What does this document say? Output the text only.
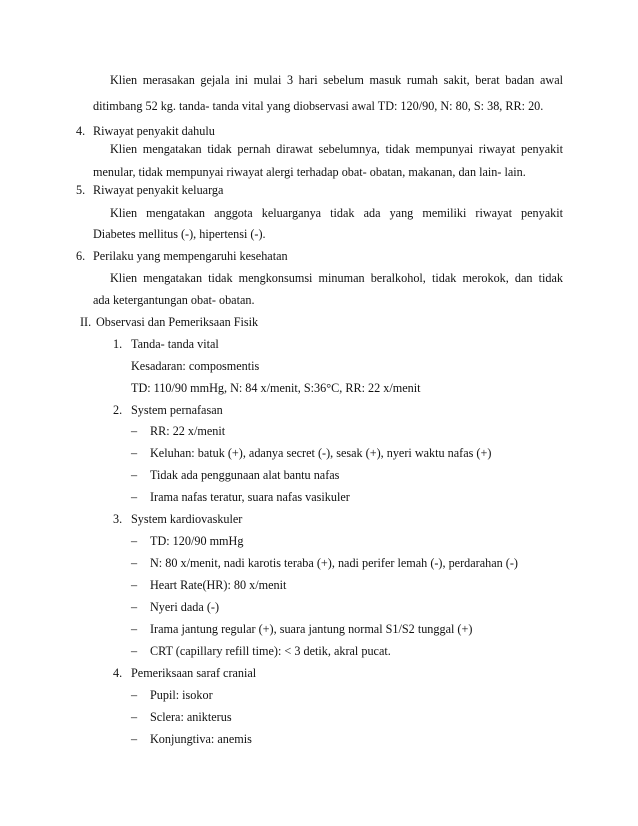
Klien merasakan gejala ini mulai 3 hari sebelum masuk rumah sakit, berat badan awal
ditimbang 52 kg. tanda- tanda vital yang diobservasi awal TD: 120/90, N: 80, S: 38, RR: 20.
4. Riwayat penyakit dahulu
Klien mengatakan tidak pernah dirawat sebelumnya, tidak mempunyai riwayat penyakit
menular, tidak mempunyai riwayat alergi terhadap obat- obatan, makanan, dan lain- lain.
5. Riwayat penyakit keluarga
Klien mengatakan anggota keluarganya tidak ada yang memiliki riwayat penyakit
Diabetes mellitus (-), hipertensi (-).
6. Perilaku yang mempengaruhi kesehatan
Klien mengatakan tidak mengkonsumsi minuman beralkohol, tidak merokok, dan tidak
ada ketergantungan obat- obatan.
II. Observasi dan Pemeriksaan Fisik
1. Tanda- tanda vital
Kesadaran: composmentis
TD: 110/90 mmHg, N: 84 x/menit, S:36°C, RR: 22 x/menit
2. System pernafasan
– RR: 22 x/menit
– Keluhan: batuk (+), adanya secret (-), sesak (+), nyeri waktu nafas (+)
– Tidak ada penggunaan alat bantu nafas
– Irama nafas teratur, suara nafas vasikuler
3. System kardiovaskuler
– TD: 120/90 mmHg
– N: 80 x/menit, nadi karotis teraba (+), nadi perifer lemah (-), perdarahan (-)
– Heart Rate(HR): 80 x/menit
– Nyeri dada (-)
– Irama jantung regular (+), suara jantung normal S1/S2 tunggal (+)
– CRT (capillary refill time): < 3 detik, akral pucat.
4. Pemeriksaan saraf cranial
– Pupil: isokor
– Sclera: anikterus
– Konjungtiva: anemis
